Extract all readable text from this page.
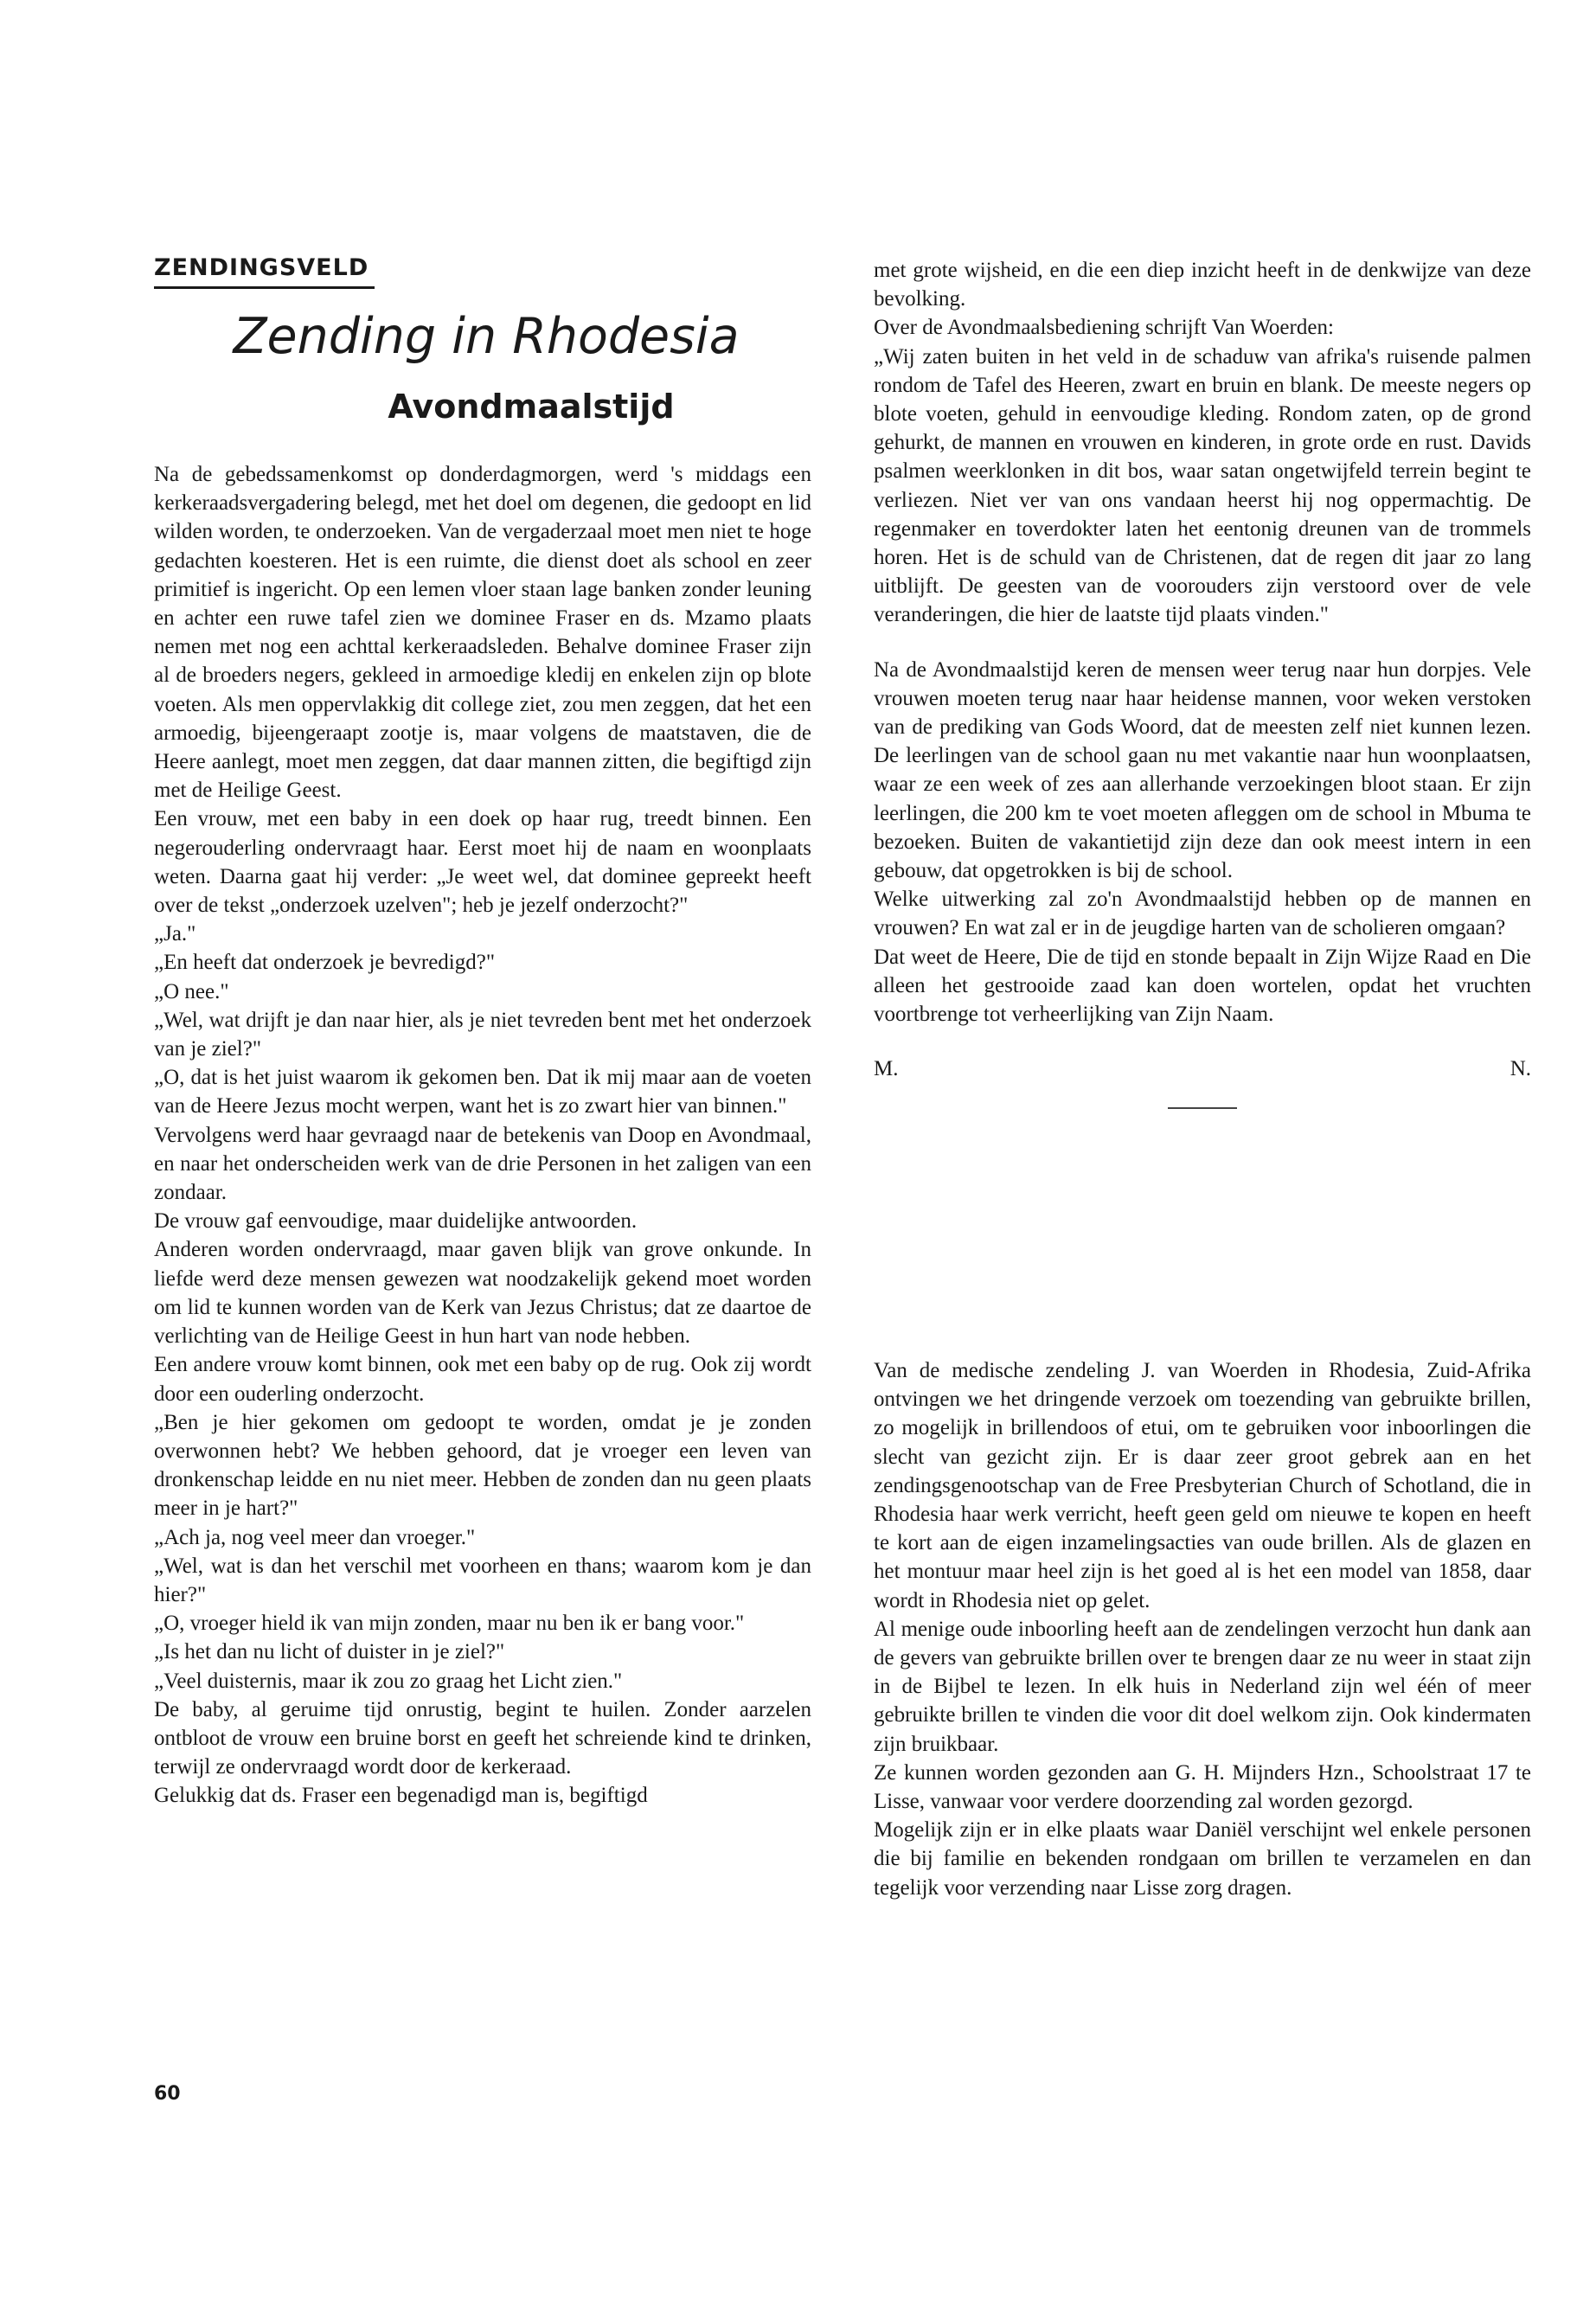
ZENDINGSVELD
Zending in Rhodesia
Avondmaalstijd

Na de gebedssamenkomst op donderdagmorgen, werd 's middags een kerkeraadsvergadering belegd, met het doel om degenen, die gedoopt en lid wilden worden, te onderzoeken. Van de vergaderzaal moet men niet te hoge gedachten koesteren. Het is een ruimte, die dienst doet als school en zeer primitief is ingericht. Op een lemen vloer staan lage banken zonder leuning en achter een ruwe tafel zien we dominee Fraser en ds. Mzamo plaats nemen met nog een achttal kerkeraadsleden. Behalve dominee Fraser zijn al de broeders negers, gekleed in armoedige kledij en enkelen zijn op blote voeten. Als men oppervlakkig dit college ziet, zou men zeggen, dat het een armoedig, bijeengeraapt zootje is, maar volgens de maatstaven, die de Heere aanlegt, moet men zeggen, dat daar mannen zitten, die begiftigd zijn met de Heilige Geest.

Een vrouw, met een baby in een doek op haar rug, treedt binnen. Een negerouderling ondervraagt haar. Eerst moet hij de naam en woonplaats weten. Daarna gaat hij verder: „Je weet wel, dat dominee gepreekt heeft over de tekst „onderzoek uzelven"; heb je jezelf onderzocht?"

„Ja."

„En heeft dat onderzoek je bevredigd?"

„O nee."

„Wel, wat drijft je dan naar hier, als je niet tevreden bent met het onderzoek van je ziel?"

„O, dat is het juist waarom ik gekomen ben. Dat ik mij maar aan de voeten van de Heere Jezus mocht werpen, want het is zo zwart hier van binnen."

Vervolgens werd haar gevraagd naar de betekenis van Doop en Avondmaal, en naar het onderscheiden werk van de drie Personen in het zaligen van een zondaar.

De vrouw gaf eenvoudige, maar duidelijke antwoorden.

Anderen worden ondervraagd, maar gaven blijk van grove onkunde. In liefde werd deze mensen gewezen wat noodzakelijk gekend moet worden om lid te kunnen worden van de Kerk van Jezus Christus; dat ze daartoe de verlichting van de Heilige Geest in hun hart van node hebben.

Een andere vrouw komt binnen, ook met een baby op de rug. Ook zij wordt door een ouderling onderzocht.

„Ben je hier gekomen om gedoopt te worden, omdat je je zonden overwonnen hebt? We hebben gehoord, dat je vroeger een leven van dronkenschap leidde en nu niet meer. Hebben de zonden dan nu geen plaats meer in je hart?"

„Ach ja, nog veel meer dan vroeger."

„Wel, wat is dan het verschil met voorheen en thans; waarom kom je dan hier?"

„O, vroeger hield ik van mijn zonden, maar nu ben ik er bang voor."

„Is het dan nu licht of duister in je ziel?"

„Veel duisternis, maar ik zou zo graag het Licht zien."

De baby, al geruime tijd onrustig, begint te huilen. Zonder aarzelen ontbloot de vrouw een bruine borst en geeft het schreiende kind te drinken, terwijl ze ondervraagd wordt door de kerkeraad.

Gelukkig dat ds. Fraser een begenadigd man is, begiftigd

met grote wijsheid, en die een diep inzicht heeft in de denkwijze van deze bevolking.

Over de Avondmaalsbediening schrijft Van Woerden:

„Wij zaten buiten in het veld in de schaduw van afrika's ruisende palmen rondom de Tafel des Heeren, zwart en bruin en blank. De meeste negers op blote voeten, gehuld in eenvoudige kleding. Rondom zaten, op de grond gehurkt, de mannen en vrouwen en kinderen, in grote orde en rust. Davids psalmen weerklonken in dit bos, waar satan ongetwijfeld terrein begint te verliezen. Niet ver van ons vandaan heerst hij nog oppermachtig. De regenmaker en toverdokter laten het eentonig dreunen van de trommels horen. Het is de schuld van de Christenen, dat de regen dit jaar zo lang uitblijft. De geesten van de voorouders zijn verstoord over de vele veranderingen, die hier de laatste tijd plaats vinden."

Na de Avondmaalstijd keren de mensen weer terug naar hun dorpjes. Vele vrouwen moeten terug naar haar heidense mannen, voor weken verstoken van de prediking van Gods Woord, dat de meesten zelf niet kunnen lezen. De leerlingen van de school gaan nu met vakantie naar hun woonplaatsen, waar ze een week of zes aan allerhande verzoekingen bloot staan. Er zijn leerlingen, die 200 km te voet moeten afleggen om de school in Mbuma te bezoeken. Buiten de vakantietijd zijn deze dan ook meest intern in een gebouw, dat opgetrokken is bij de school.

Welke uitwerking zal zo'n Avondmaalstijd hebben op de mannen en vrouwen? En wat zal er in de jeugdige harten van de scholieren omgaan?

Dat weet de Heere, Die de tijd en stonde bepaalt in Zijn Wijze Raad en Die alleen het gestrooide zaad kan doen wortelen, opdat het vruchten voortbrenge tot verheerlijking van Zijn Naam.

M.	N.

Van de medische zendeling J. van Woerden in Rhodesia, Zuid-Afrika ontvingen we het dringende verzoek om toezending van gebruikte brillen, zo mogelijk in brillendoos of etui, om te gebruiken voor inboorlingen die slecht van gezicht zijn. Er is daar zeer groot gebrek aan en het zendingsgenootschap van de Free Presbyterian Church of Schotland, die in Rhodesia haar werk verricht, heeft geen geld om nieuwe te kopen en heeft te kort aan de eigen inzamelingsacties van oude brillen. Als de glazen en het montuur maar heel zijn is het goed al is het een model van 1858, daar wordt in Rhodesia niet op gelet.

Al menige oude inboorling heeft aan de zendelingen verzocht hun dank aan de gevers van gebruikte brillen over te brengen daar ze nu weer in staat zijn in de Bijbel te lezen. In elk huis in Nederland zijn wel één of meer gebruikte brillen te vinden die voor dit doel welkom zijn. Ook kindermaten zijn bruikbaar.

Ze kunnen worden gezonden aan G. H. Mijnders Hzn., Schoolstraat 17 te Lisse, vanwaar voor verdere doorzending zal worden gezorgd.

Mogelijk zijn er in elke plaats waar Daniël verschijnt wel enkele personen die bij familie en bekenden rondgaan om brillen te verzamelen en dan tegelijk voor verzending naar Lisse zorg dragen.

60
